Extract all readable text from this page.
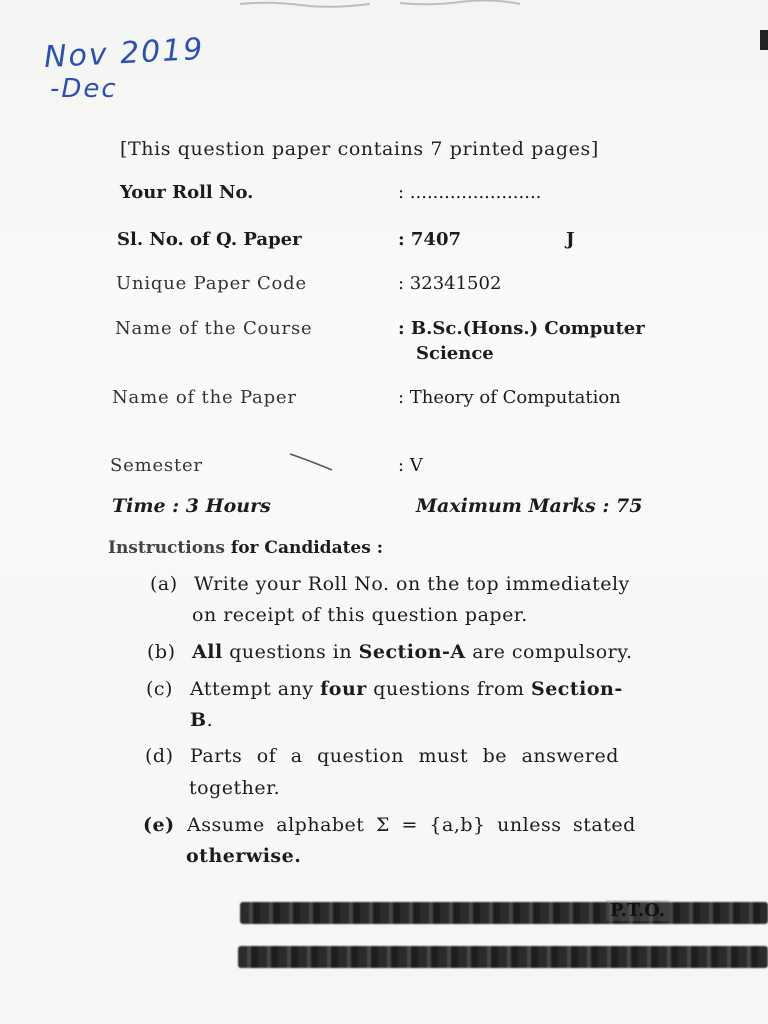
Nov 2019
-Dec
[This question paper contains 7 printed pages]
Your Roll No.	: .......................
Sl. No. of Q. Paper	: 7407	J
Unique Paper Code	: 32341502
Name of the Course	: B.Sc.(Hons.) Computer
Science
Name of the Paper	: Theory of Computation
Semester	: V
Time : 3 Hours	Maximum Marks : 75
Instructions for Candidates :
(a) Write your Roll No. on the top immediately
on receipt of this question paper.
(b) All questions in Section-A are compulsory.
(c) Attempt any four questions from Section-
B.
(d) Parts of a question must be answered
together.
(e) Assume alphabet Σ = {a,b} unless stated
otherwise.
P.T.O.
